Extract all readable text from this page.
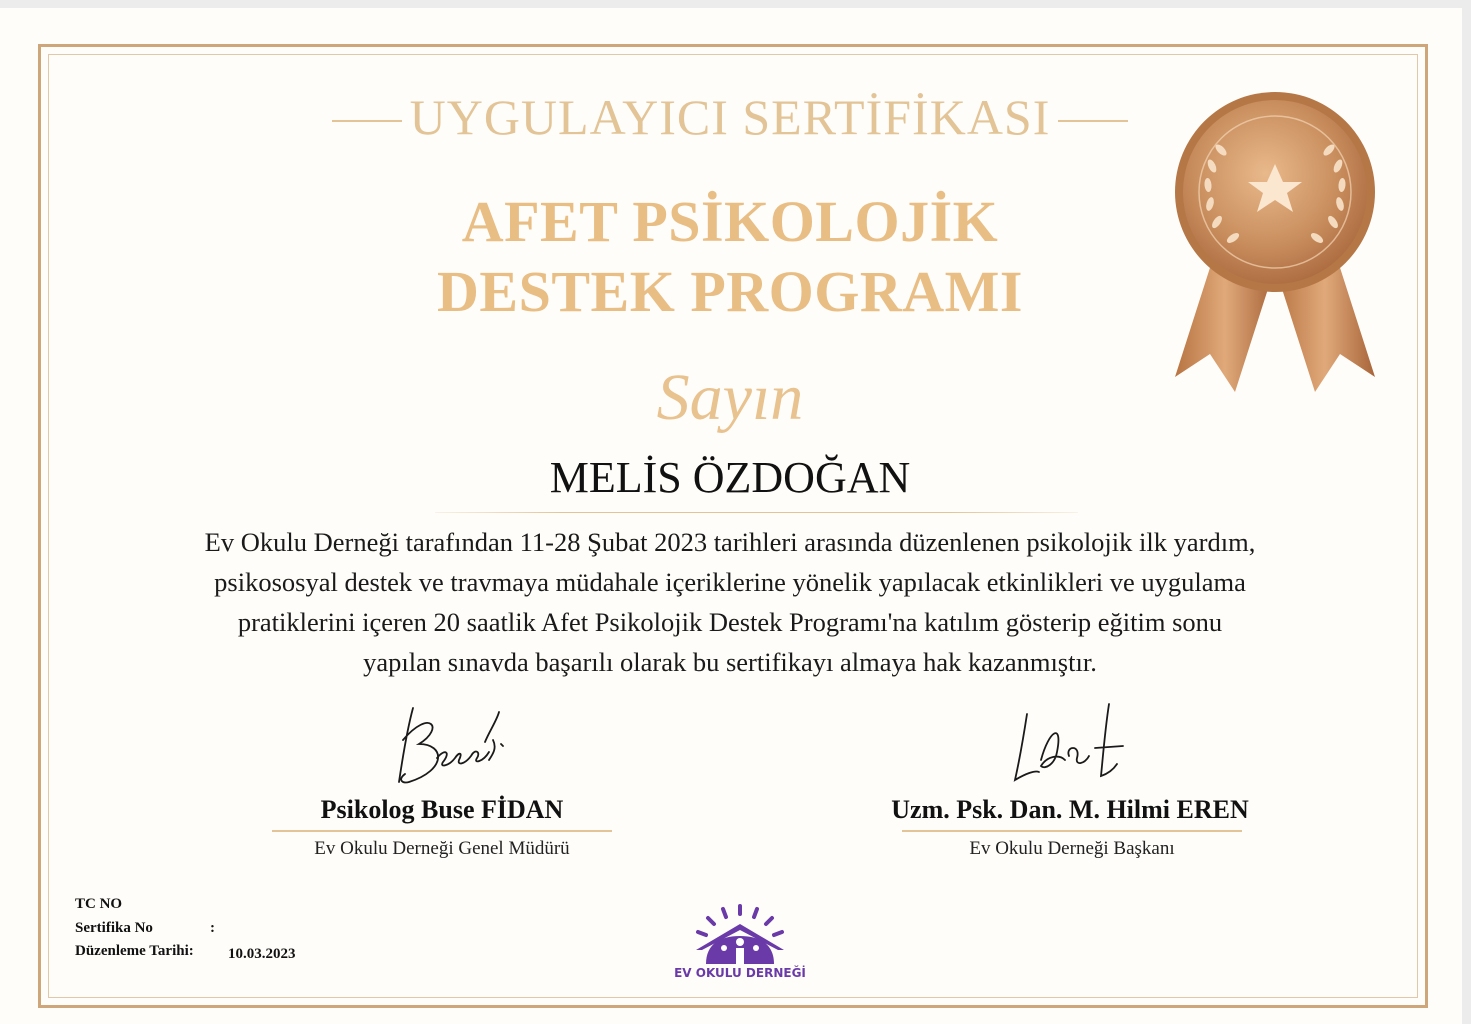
UYGULAYICI SERTİFİKASI
AFET PSİKOLOJİK
DESTEK PROGRAMI
Sayın
MELİS ÖZDOĞAN
Ev Okulu Derneği tarafından 11-28 Şubat 2023 tarihleri arasında düzenlenen psikolojik ilk yardım,
psikososyal destek ve travmaya müdahale içeriklerine yönelik yapılacak etkinlikleri ve uygulama
pratiklerini içeren 20 saatlik Afet Psikolojik Destek Programı'na katılım gösterip eğitim sonu
yapılan sınavda başarılı olarak bu sertifikayı almaya hak kazanmıştır.
Psikolog Buse FİDAN
Ev Okulu Derneği Genel Müdürü
Uzm. Psk. Dan. M. Hilmi EREN
Ev Okulu Derneği Başkanı
TC NO
Sertifika No	:
Düzenleme Tarihi: 10.03.2023
EV OKULU DERNEĞİ
